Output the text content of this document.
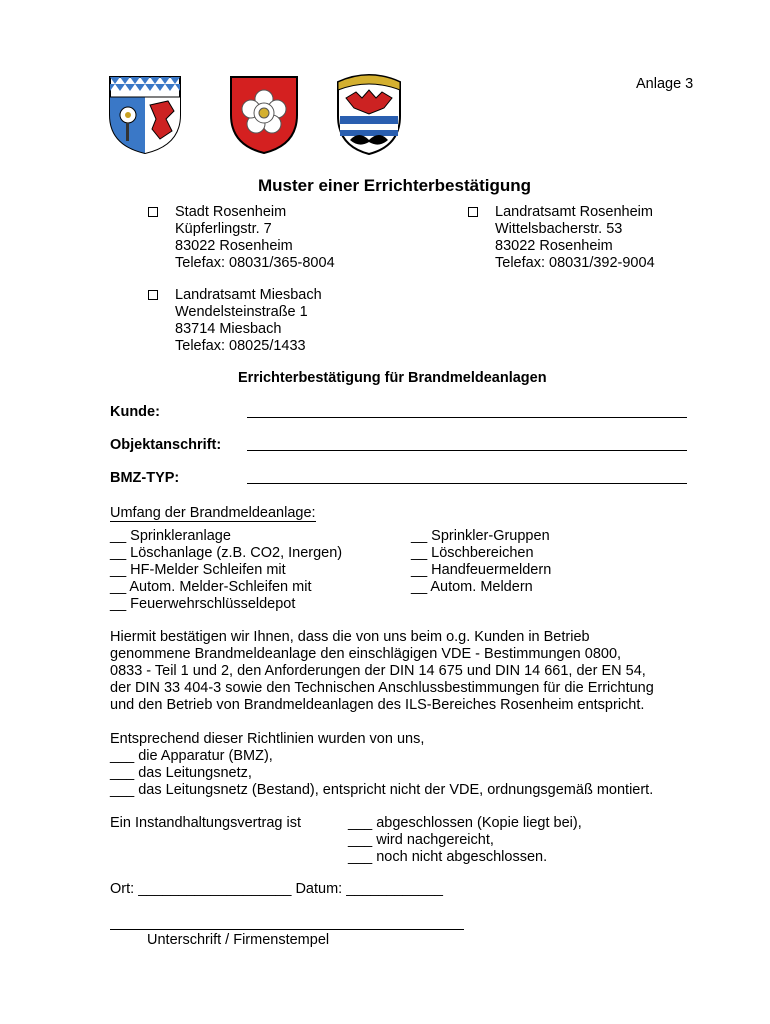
Anlage 3
Muster einer Errichterbestätigung
Stadt Rosenheim
Küpferlingstr. 7
83022 Rosenheim
Telefax: 08031/365-8004
Landratsamt Rosenheim
Wittelsbacherstr. 53
83022 Rosenheim
Telefax: 08031/392-9004
Landratsamt Miesbach
Wendelsteinstraße 1
83714 Miesbach
Telefax: 08025/1433
Errichterbestätigung für Brandmeldeanlagen
Kunde:
Objektanschrift:
BMZ-TYP:
Umfang der Brandmeldeanlage:
__ Sprinkleranlage
__ Löschanlage (z.B. CO2, Inergen)
__ HF-Melder Schleifen mit
__ Autom. Melder-Schleifen mit
__ Feuerwehrschlüsseldepot
__ Sprinkler-Gruppen
__ Löschbereichen
__ Handfeuermeldern
__ Autom. Meldern
Hiermit bestätigen wir Ihnen, dass die von uns beim o.g. Kunden in Betrieb
genommene Brandmeldeanlage den einschlägigen VDE - Bestimmungen 0800,
0833 - Teil 1 und 2, den Anforderungen der DIN 14 675 und DIN 14 661, der EN 54,
der DIN 33 404-3 sowie den Technischen Anschlussbestimmungen für die Errichtung
und den Betrieb von Brandmeldeanlagen des ILS-Bereiches Rosenheim entspricht.
Entsprechend dieser Richtlinien wurden von uns,
___ die Apparatur (BMZ),
___ das Leitungsnetz,
___ das Leitungsnetz (Bestand), entspricht nicht der VDE, ordnungsgemäß montiert.
Ein Instandhaltungsvertrag ist	___ abgeschlossen (Kopie liegt bei),
___ wird nachgereicht,
___ noch nicht abgeschlossen.
Ort: ___________________ Datum: ____________
Unterschrift / Firmenstempel
